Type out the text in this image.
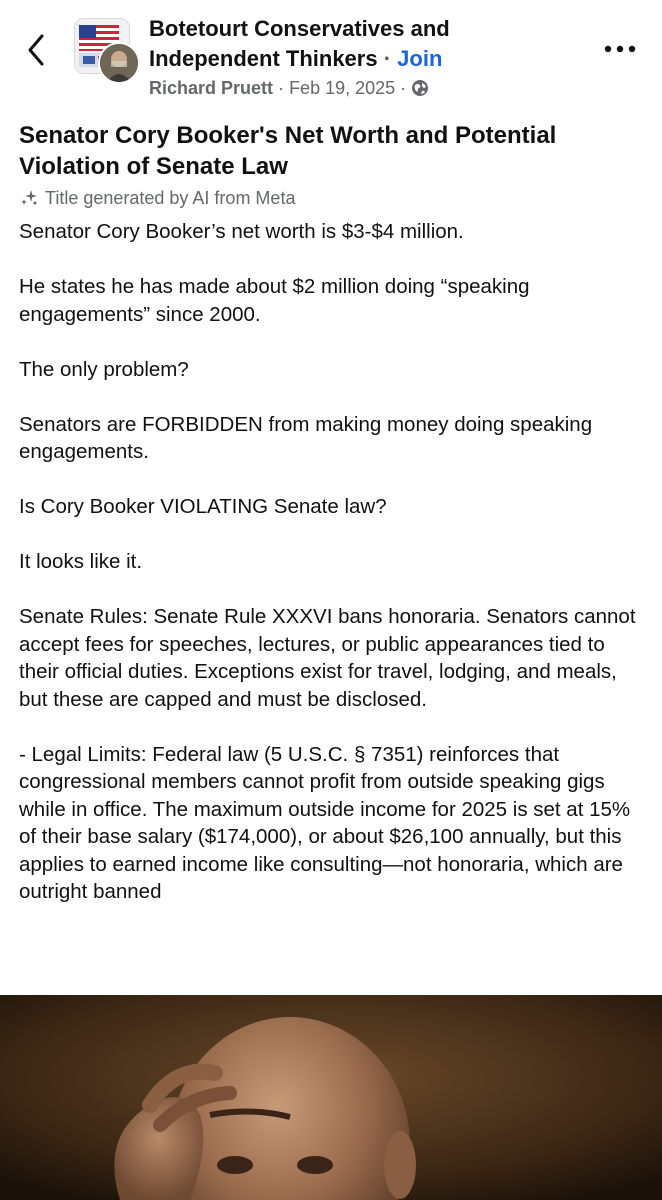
Botetourt Conservatives and Independent Thinkers · Join
Richard Pruett · Feb 19, 2025 ·
Senator Cory Booker's Net Worth and Potential Violation of Senate Law
Title generated by AI from Meta

Senator Cory Booker’s net worth is $3-$4 million.

He states he has made about $2 million doing “speaking engagements” since 2000.

The only problem?

Senators are FORBIDDEN from making money doing speaking engagements.

Is Cory Booker VIOLATING Senate law?

It looks like it.

Senate Rules: Senate Rule XXXVI bans honoraria. Senators cannot accept fees for speeches, lectures, or public appearances tied to their official duties. Exceptions exist for travel, lodging, and meals, but these are capped and must be disclosed.

- Legal Limits: Federal law (5 U.S.C. § 7351) reinforces that congressional members cannot profit from outside speaking gigs while in office. The maximum outside income for 2025 is set at 15% of their base salary ($174,000), or about $26,100 annually, but this applies to earned income like consulting—not honoraria, which are outright banned
